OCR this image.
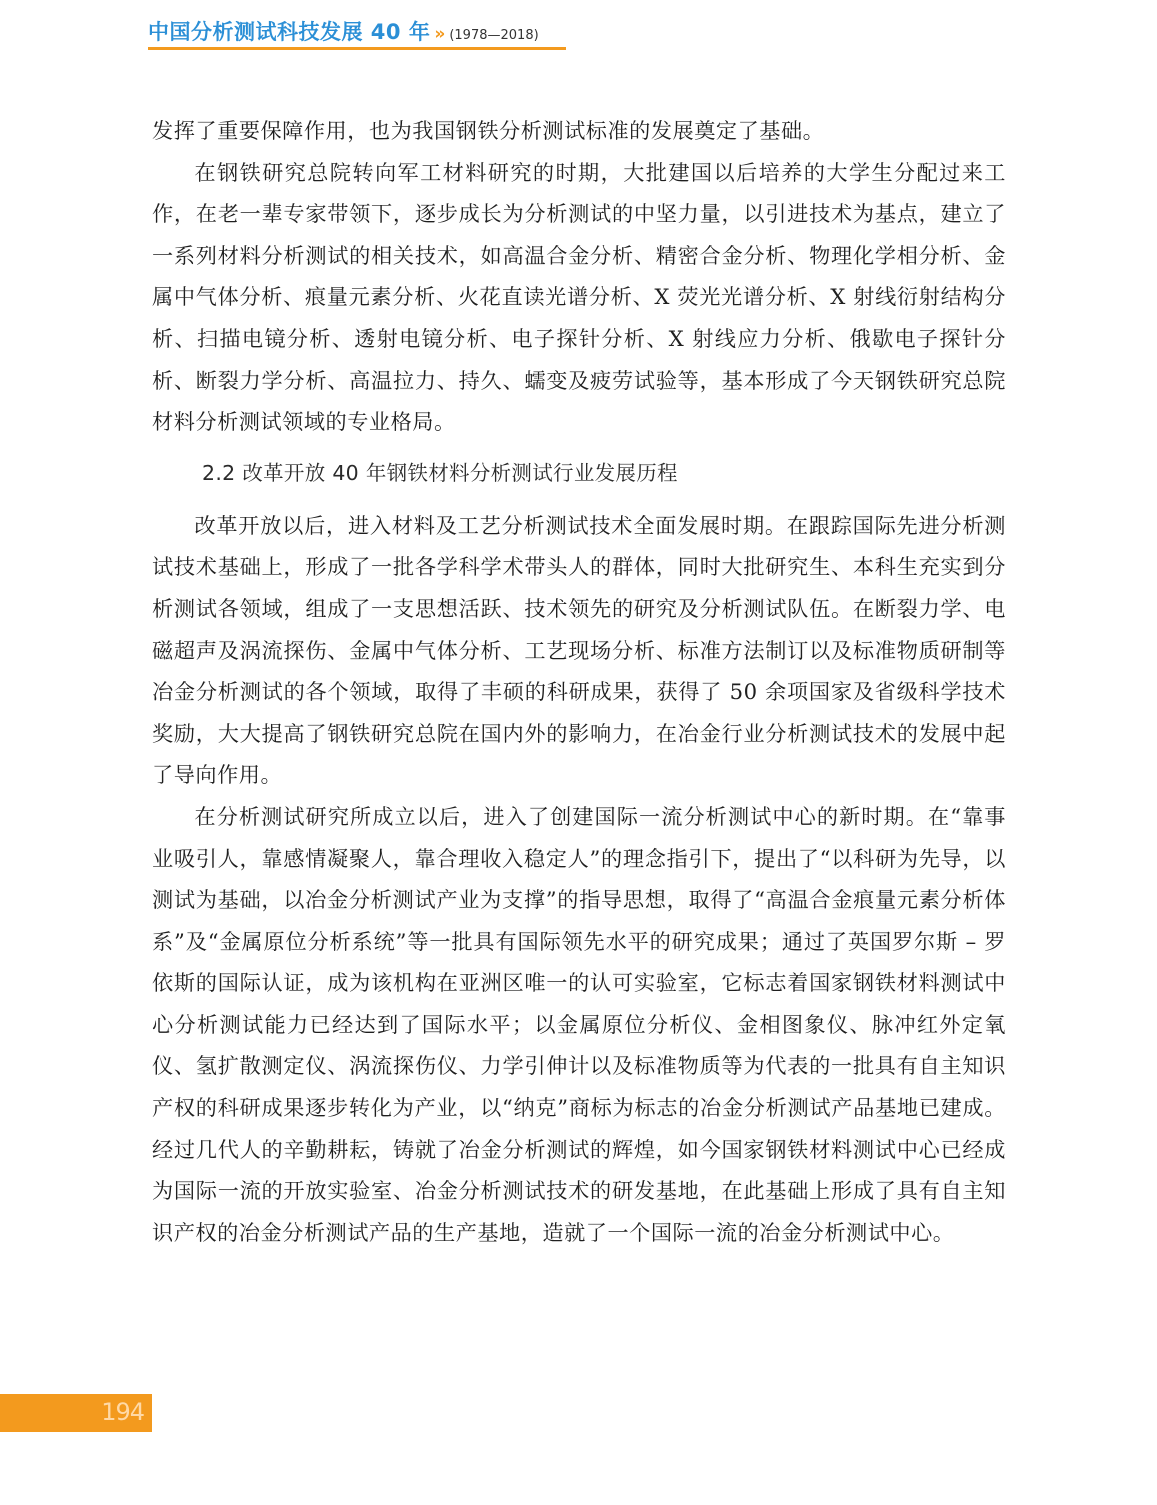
中国分析测试科技发展 40 年 » (1978—2018)

发挥了重要保障作用，也为我国钢铁分析测试标准的发展奠定了基础。

在钢铁研究总院转向军工材料研究的时期，大批建国以后培养的大学生分配过来工作，在老一辈专家带领下，逐步成长为分析测试的中坚力量，以引进技术为基点，建立了一系列材料分析测试的相关技术，如高温合金分析、精密合金分析、物理化学相分析、金属中气体分析、痕量元素分析、火花直读光谱分析、X 荧光光谱分析、X 射线衍射结构分析、扫描电镜分析、透射电镜分析、电子探针分析、X 射线应力分析、俄歇电子探针分析、断裂力学分析、高温拉力、持久、蠕变及疲劳试验等，基本形成了今天钢铁研究总院材料分析测试领域的专业格局。

2.2 改革开放 40 年钢铁材料分析测试行业发展历程

改革开放以后，进入材料及工艺分析测试技术全面发展时期。在跟踪国际先进分析测试技术基础上，形成了一批各学科学术带头人的群体，同时大批研究生、本科生充实到分析测试各领域，组成了一支思想活跃、技术领先的研究及分析测试队伍。在断裂力学、电磁超声及涡流探伤、金属中气体分析、工艺现场分析、标准方法制订以及标准物质研制等冶金分析测试的各个领域，取得了丰硕的科研成果，获得了 50 余项国家及省级科学技术奖励，大大提高了钢铁研究总院在国内外的影响力，在冶金行业分析测试技术的发展中起了导向作用。

在分析测试研究所成立以后，进入了创建国际一流分析测试中心的新时期。在“靠事业吸引人，靠感情凝聚人，靠合理收入稳定人”的理念指引下，提出了“以科研为先导，以测试为基础，以冶金分析测试产业为支撑”的指导思想，取得了“高温合金痕量元素分析体系”及“金属原位分析系统”等一批具有国际领先水平的研究成果；通过了英国罗尔斯 – 罗依斯的国际认证，成为该机构在亚洲区唯一的认可实验室，它标志着国家钢铁材料测试中心分析测试能力已经达到了国际水平；以金属原位分析仪、金相图象仪、脉冲红外定氧仪、氢扩散测定仪、涡流探伤仪、力学引伸计以及标准物质等为代表的一批具有自主知识产权的科研成果逐步转化为产业，以“纳克”商标为标志的冶金分析测试产品基地已建成。经过几代人的辛勤耕耘，铸就了冶金分析测试的辉煌，如今国家钢铁材料测试中心已经成为国际一流的开放实验室、冶金分析测试技术的研发基地，在此基础上形成了具有自主知识产权的冶金分析测试产品的生产基地，造就了一个国际一流的冶金分析测试中心。

194
